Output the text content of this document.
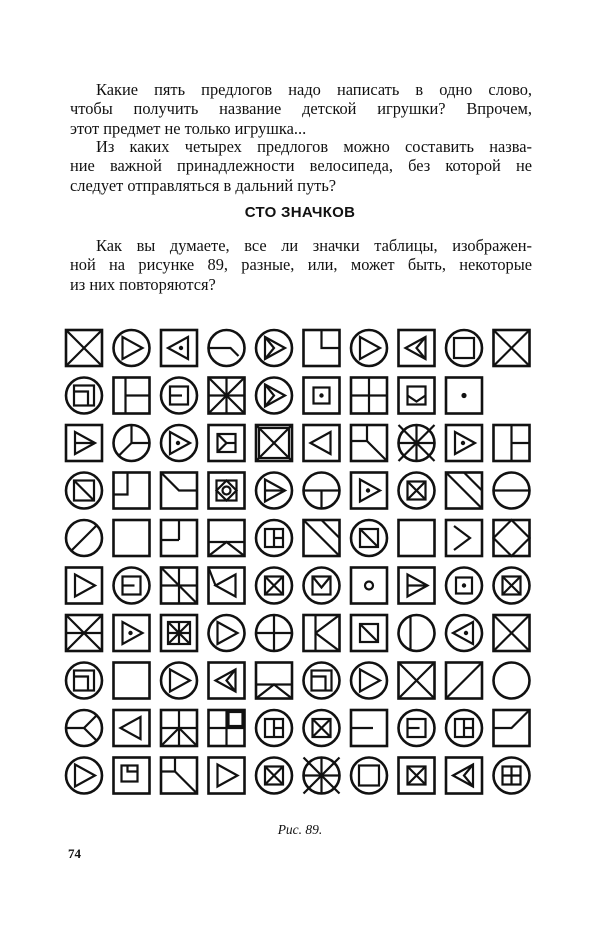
Какие пять предлогов надо написать в одно слово,
чтобы получить название детской игрушки? Впрочем,
этот предмет не только игрушка...

Из каких четырех предлогов можно составить назва-
ние важной принадлежности велосипеда, без которой не
следует отправляться в дальний путь?

СТО ЗНАЧКОВ

Как вы думаете, все ли значки таблицы, изображен-
ной на рисунке 89, разные, или, может быть, некоторые
из них повторяются?

Рис. 89.
74
